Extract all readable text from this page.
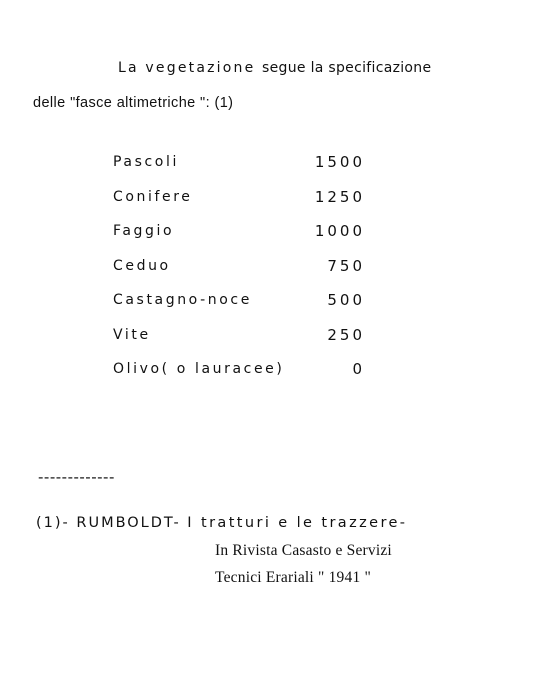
La vegetazione segue la specificazione
delle "fasce altimetriche ": (1)
Pascoli	1500
Conifere	1250
Faggio	1000
Ceduo	750
Castagno-noce	500
Vite	250
Olivo( o lauracee)	0
-------------
(1)- RUMBOLDT- I tratturi e le trazzere-
In Rivista Casasto e Servizi
Tecnici Erariali " 1941 "
